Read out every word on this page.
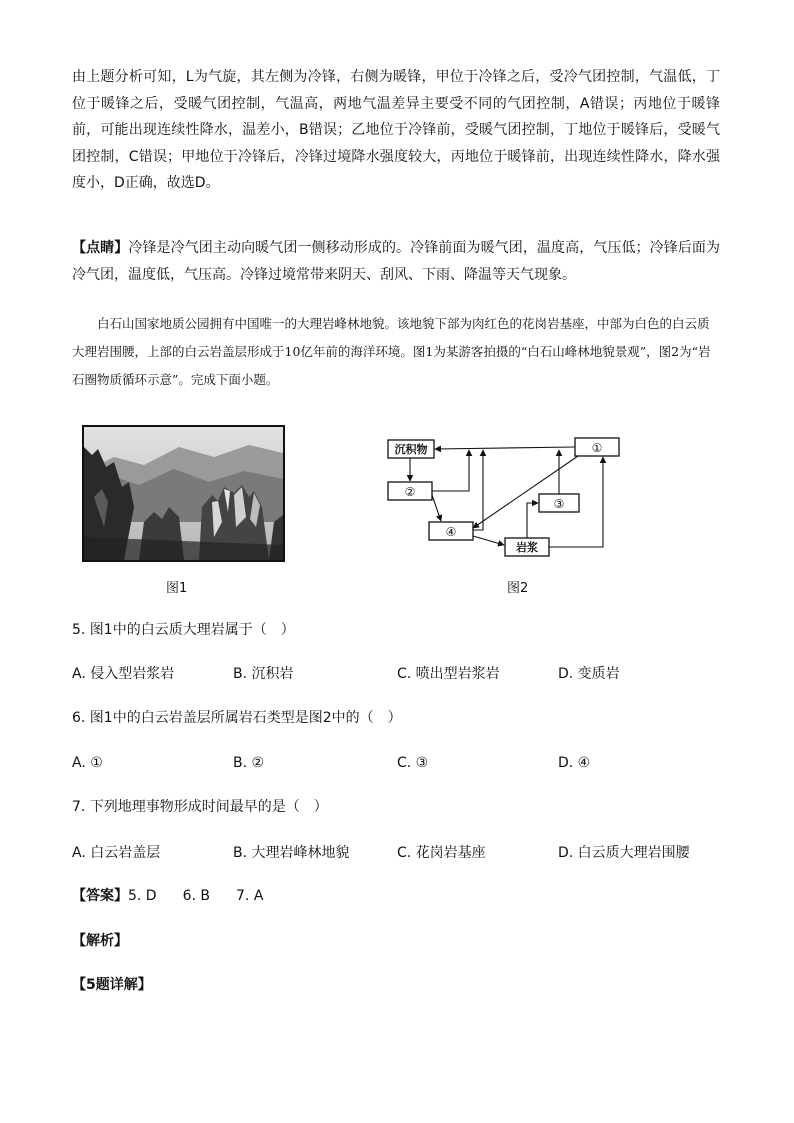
由上题分析可知，L为气旋，其左侧为冷锋，右侧为暖锋，甲位于冷锋之后，受冷气团控制，气温低，丁位于暖锋之后，受暖气团控制，气温高，两地气温差异主要受不同的气团控制，A错误；丙地位于暖锋前，可能出现连续性降水，温差小，B错误；乙地位于冷锋前，受暖气团控制，丁地位于暖锋后，受暖气团控制，C错误；甲地位于冷锋后，冷锋过境降水强度较大，丙地位于暖锋前，出现连续性降水，降水强度小，D正确，故选D。

【点睛】冷锋是冷气团主动向暖气团一侧移动形成的。冷锋前面为暖气团，温度高，气压低；冷锋后面为冷气团，温度低，气压高。冷锋过境常带来阴天、刮风、下雨、降温等天气现象。

白石山国家地质公园拥有中国唯一的大理岩峰林地貌。该地貌下部为肉红色的花岗岩基座，中部为白色的白云质大理岩围腰，上部的白云岩盖层形成于10亿年前的海洋环境。图1为某游客拍摄的“白石山峰林地貌景观”，图2为“岩石圈物质循环示意”。完成下面小题。

图1

沉积物	①
②
③
④
岩浆

图2

5. 图1中的白云质大理岩属于（　）

A. 侵入型岩浆岩	B. 沉积岩	C. 喷出型岩浆岩	D. 变质岩

6. 图1中的白云岩盖层所属岩石类型是图2中的（　）

A. ①	B. ②	C. ③	D. ④

7. 下列地理事物形成时间最早的是（　）

A. 白云岩盖层	B. 大理岩峰林地貌	C. 花岗岩基座	D. 白云质大理岩围腰

【答案】5. D 6. B 7. A

【解析】

【5题详解】
